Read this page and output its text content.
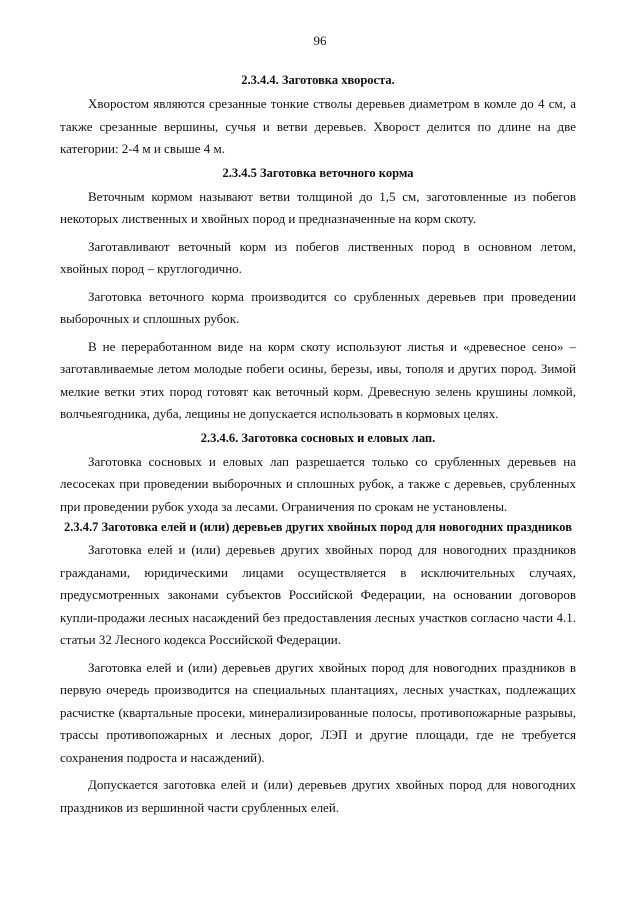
96
2.3.4.4. Заготовка хвороста.

Хворостом являются срезанные тонкие стволы деревьев диаметром в комле до 4 см, а также срезанные вершины, сучья и ветви деревьев. Хворост делится по длине на две категории: 2-4 м и свыше 4 м.

2.3.4.5 Заготовка веточного корма

Веточным кормом называют ветви толщиной до 1,5 см, заготовленные из побегов некоторых лиственных и хвойных пород и предназначенные на корм скоту.

Заготавливают веточный корм из побегов лиственных пород в основном летом, хвойных пород – круглогодично.

Заготовка веточного корма производится со срубленных деревьев при проведении выборочных и сплошных рубок.

В не переработанном виде на корм скоту используют листья и «древесное сено» – заготавливаемые летом молодые побеги осины, березы, ивы, тополя и других пород. Зимой мелкие ветки этих пород готовят как веточный корм. Древесную зелень крушины ломкой, волчьеягодника, дуба, лещины не допускается использовать в кормовых целях.

2.3.4.6. Заготовка сосновых и еловых лап.

Заготовка сосновых и еловых лап разрешается только со срубленных деревьев на лесосеках при проведении выборочных и сплошных рубок, а также с деревьев, срубленных при проведении рубок ухода за лесами. Ограничения по срокам не установлены.

2.3.4.7 Заготовка елей и (или) деревьев других хвойных пород для новогодних праздников

Заготовка елей и (или) деревьев других хвойных пород для новогодних праздников гражданами, юридическими лицами осуществляется в исключительных случаях, предусмотренных законами субъектов Российской Федерации, на основании договоров купли-продажи лесных насаждений без предоставления лесных участков согласно части 4.1. статьи 32 Лесного кодекса Российской Федерации.

Заготовка елей и (или) деревьев других хвойных пород для новогодних праздников в первую очередь производится на специальных плантациях, лесных участках, подлежащих расчистке (квартальные просеки, минерализированные полосы, противопожарные разрывы, трассы противопожарных и лесных дорог, ЛЭП и другие площади, где не требуется сохранения подроста и насаждений).

Допускается заготовка елей и (или) деревьев других хвойных пород для новогодних праздников из вершинной части срубленных елей.
